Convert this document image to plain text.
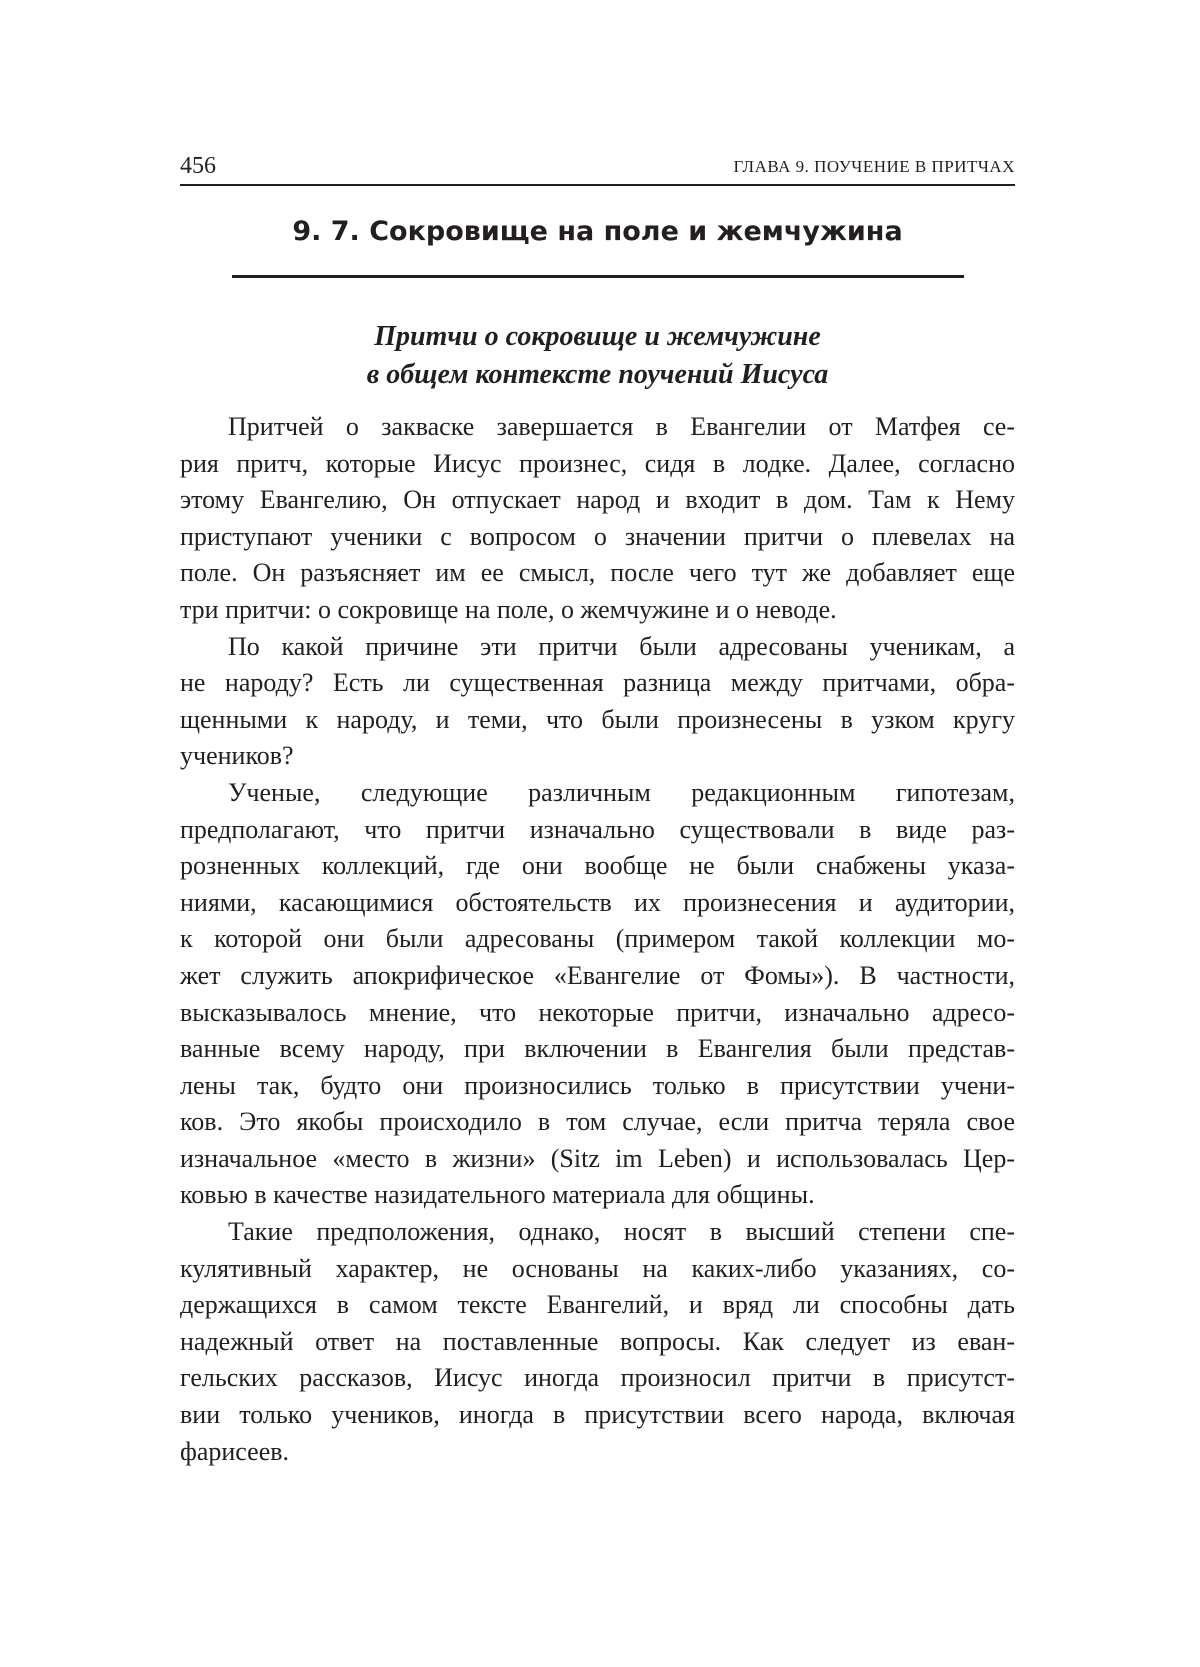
456	ГЛАВА 9. ПОУЧЕНИЕ В ПРИТЧАХ
9. 7. Сокровище на поле и жемчужина
Притчи о сокровище и жемчужине
в общем контексте поучений Иисуса

Притчей о закваске завершается в Евангелии от Матфея се-
рия притч, которые Иисус произнес, сидя в лодке. Далее, согласно
этому Евангелию, Он отпускает народ и входит в дом. Там к Нему
приступают ученики с вопросом о значении притчи о плевелах на
поле. Он разъясняет им ее смысл, после чего тут же добавляет еще
три притчи: о сокровище на поле, о жемчужине и о неводе.

По какой причине эти притчи были адресованы ученикам, а
не народу? Есть ли существенная разница между притчами, обра-
щенными к народу, и теми, что были произнесены в узком кругу
учеников?

Ученые, следующие различным редакционным гипотезам,
предполагают, что притчи изначально существовали в виде раз-
розненных коллекций, где они вообще не были снабжены указа-
ниями, касающимися обстоятельств их произнесения и аудитории,
к которой они были адресованы (примером такой коллекции мо-
жет служить апокрифическое «Евангелие от Фомы»). В частности,
высказывалось мнение, что некоторые притчи, изначально адресо-
ванные всему народу, при включении в Евангелия были представ-
лены так, будто они произносились только в присутствии учени-
ков. Это якобы происходило в том случае, если притча теряла свое
изначальное «место в жизни» (Sitz im Leben) и использовалась Цер-
ковью в качестве назидательного материала для общины.

Такие предположения, однако, носят в высший степени спе-
кулятивный характер, не основаны на каких-либо указаниях, со-
держащихся в самом тексте Евангелий, и вряд ли способны дать
надежный ответ на поставленные вопросы. Как следует из еван-
гельских рассказов, Иисус иногда произносил притчи в присутст-
вии только учеников, иногда в присутствии всего народа, включая
фарисеев.
